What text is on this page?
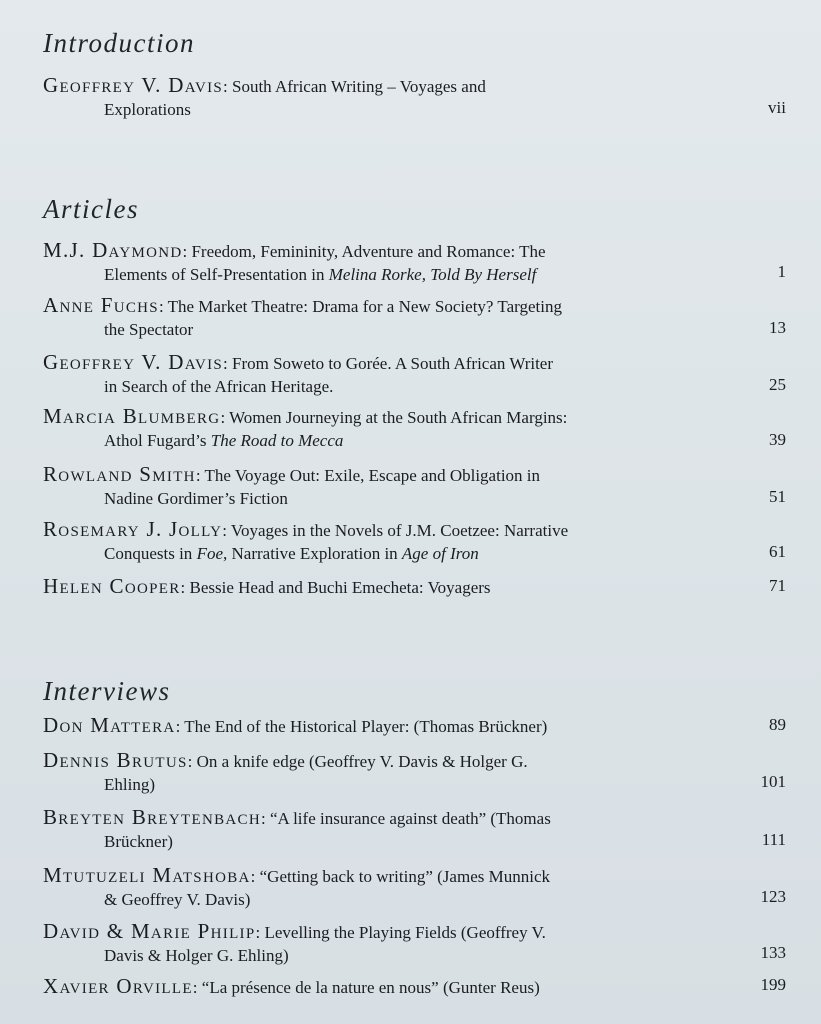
Introduction
Geoffrey V. Davis: South African Writing – Voyages and
Explorations	vii
Articles
M.J. Daymond: Freedom, Femininity, Adventure and Romance: The
Elements of Self-Presentation in Melina Rorke, Told By Herself	1
Anne Fuchs: The Market Theatre: Drama for a New Society? Targeting
the Spectator	13
Geoffrey V. Davis: From Soweto to Gorée. A South African Writer
in Search of the African Heritage.	25
Marcia Blumberg: Women Journeying at the South African Margins:
Athol Fugard’s The Road to Mecca	39
Rowland Smith: The Voyage Out: Exile, Escape and Obligation in
Nadine Gordimer’s Fiction	51
Rosemary J. Jolly: Voyages in the Novels of J.M. Coetzee: Narrative
Conquests in Foe, Narrative Exploration in Age of Iron	61
Helen Cooper: Bessie Head and Buchi Emecheta: Voyagers	71
Interviews
Don Mattera: The End of the Historical Player: (Thomas Brückner)	89
Dennis Brutus: On a knife edge (Geoffrey V. Davis & Holger G.
Ehling)	101
Breyten Breytenbach: “A life insurance against death” (Thomas
Brückner)	111
Mtutuzeli Matshoba: “Getting back to writing” (James Munnick
& Geoffrey V. Davis)	123
David & Marie Philip: Levelling the Playing Fields (Geoffrey V.
Davis & Holger G. Ehling)	133
Xavier Orville: “La présence de la nature en nous” (Gunter Reus)	199
